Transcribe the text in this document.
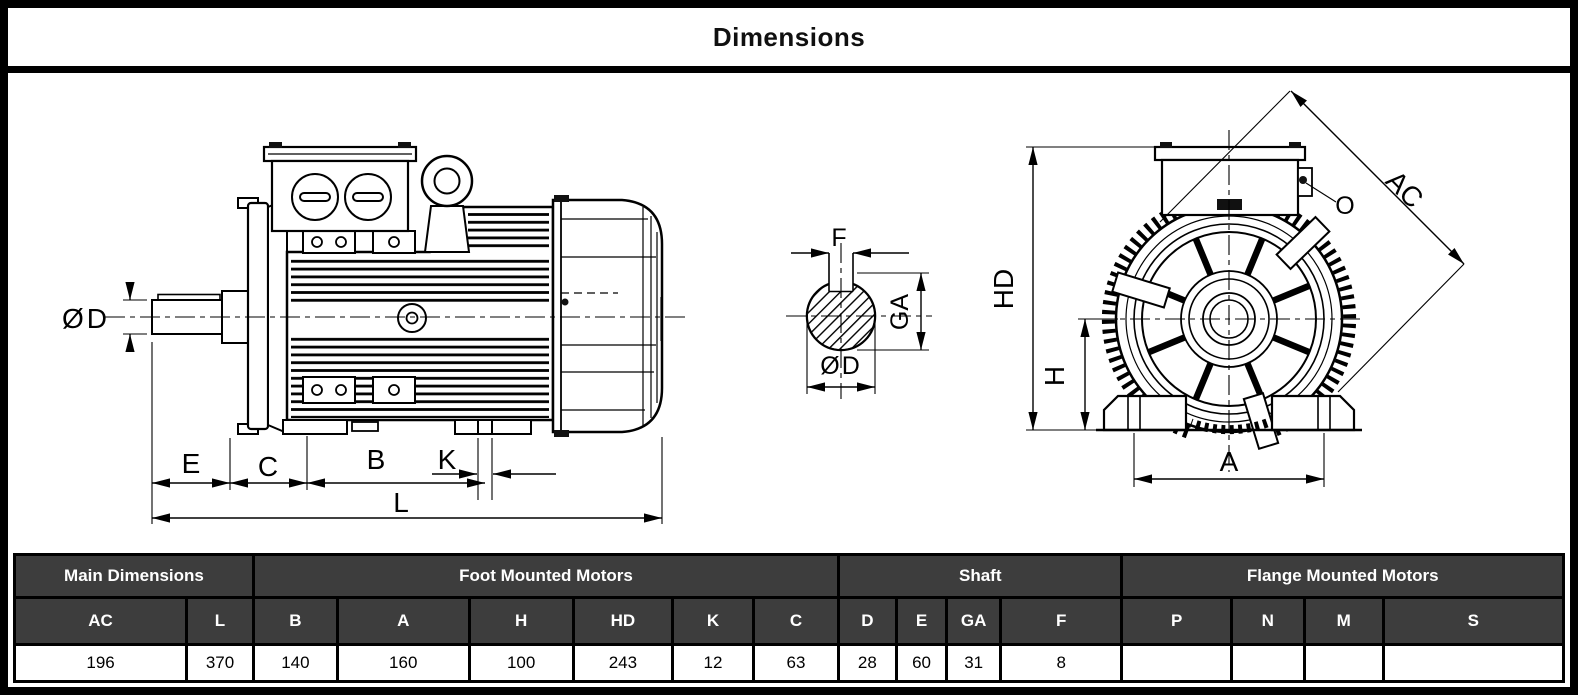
Dimensions
ØD
E C	B K
L
F
GA
ØD
HD
H
A
AC
O
Main Dimensions		Foot Mounted Motors						Shaft				Flange Mounted Motors			
AC	L	B	A	H	HD	K	C	D	E	GA	F	P	N	M	S
196	370	140	160	100	243	12	63	28	60	31	8				
